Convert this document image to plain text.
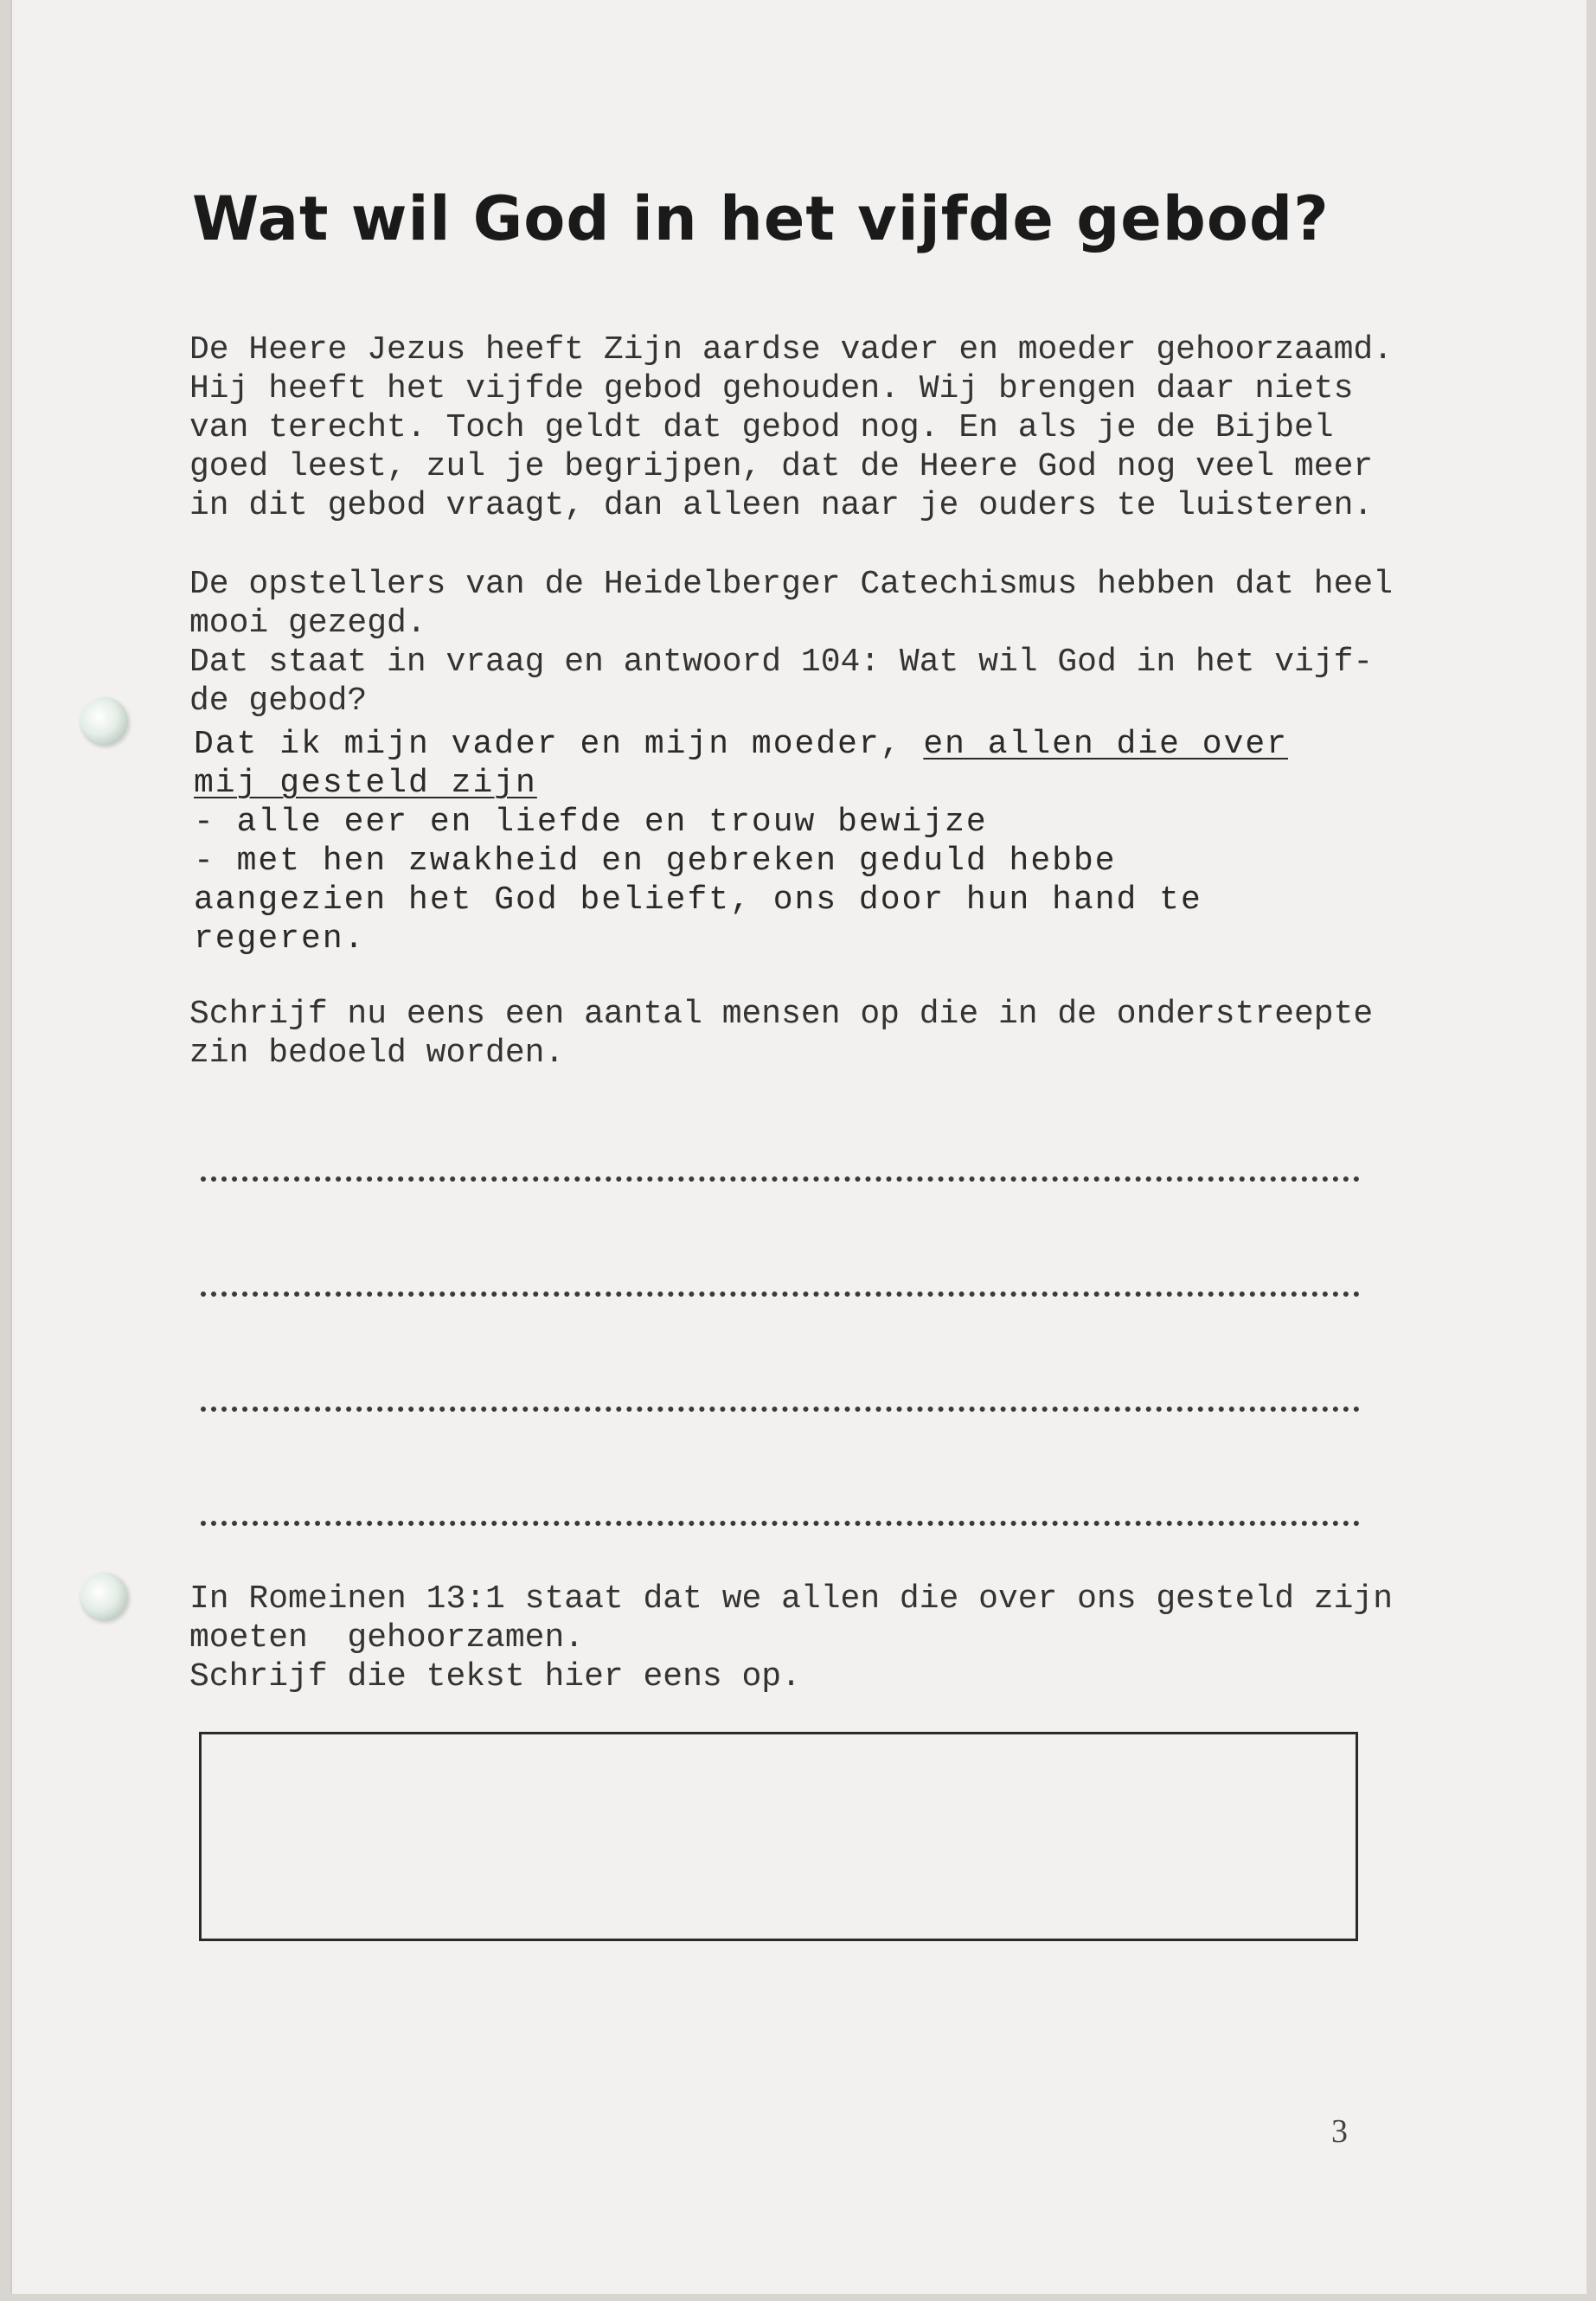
Wat wil God in het vijfde gebod?

De Heere Jezus heeft Zijn aardse vader en moeder gehoorzaamd.
Hij heeft het vijfde gebod gehouden. Wij brengen daar niets
van terecht. Toch geldt dat gebod nog. En als je de Bijbel
goed leest, zul je begrijpen, dat de Heere God nog veel meer
in dit gebod vraagt, dan alleen naar je ouders te luisteren.

De opstellers van de Heidelberger Catechismus hebben dat heel
mooi gezegd.
Dat staat in vraag en antwoord 104: Wat wil God in het vijf-
de gebod?

Dat ik mijn vader en mijn moeder, en allen die over
mij gesteld zijn
- alle eer en liefde en trouw bewijze
- met hen zwakheid en gebreken geduld hebbe
aangezien het God belieft, ons door hun hand te
regeren.

Schrijf nu eens een aantal mensen op die in de onderstreepte
zin bedoeld worden.

In Romeinen 13:1 staat dat we allen die over ons gesteld zijn
moeten  gehoorzamen.
Schrijf die tekst hier eens op.

3
